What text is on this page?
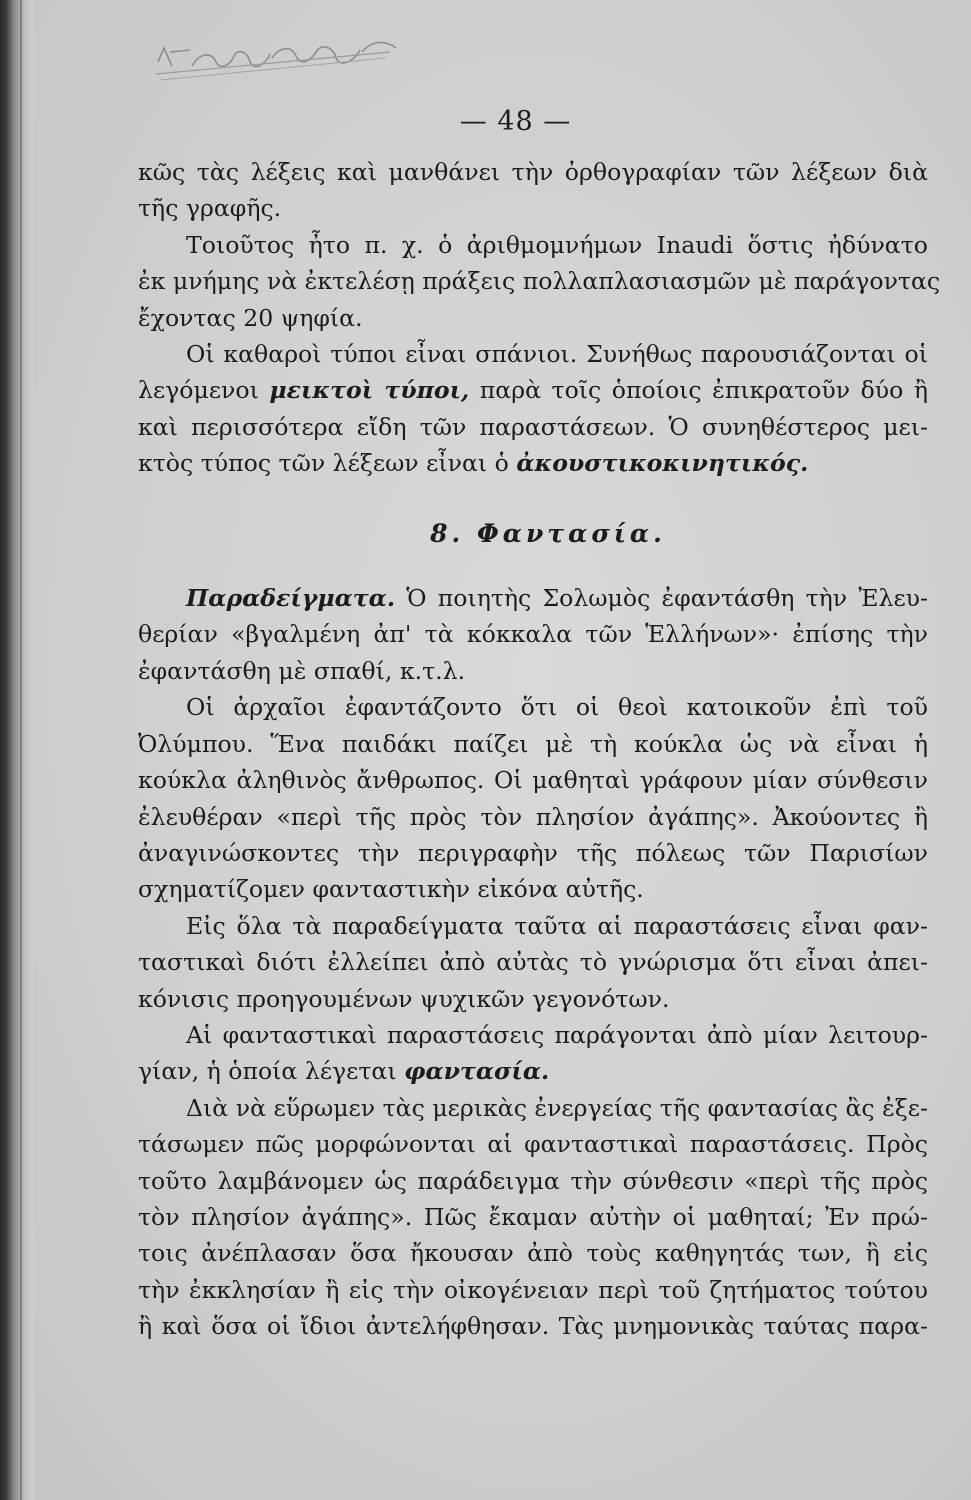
— 48 —

κῶς τὰς λέξεις καὶ μανθάνει τὴν ὀρθογραφίαν τῶν λέξεων διὰ
τῆς γραφῆς.

Τοιοῦτος ἦτο π. χ. ὁ ἀριθμομνήμων Inaudi ὅστις ἠδύνατο
ἐκ μνήμης νὰ ἐκτελέσῃ πράξεις πολλαπλασιασμῶν μὲ παράγοντας
ἔχοντας 20 ψηφία.

Οἱ καθαροὶ τύποι εἶναι σπάνιοι. Συνήθως παρουσιάζονται οἱ
λεγόμενοι μεικτοὶ τύποι, παρὰ τοῖς ὁποίοις ἐπικρατοῦν δύο ἢ
καὶ περισσότερα εἴδη τῶν παραστάσεων. Ὁ συνηθέστερος μει-
κτὸς τύπος τῶν λέξεων εἶναι ὁ ἀκουστικοκινητικός.

8. Φαντασία.

Παραδείγματα. Ὁ ποιητὴς Σολωμὸς ἐφαντάσθη τὴν Ἐλευ-
θερίαν «βγαλμένη ἀπ' τὰ κόκκαλα τῶν Ἑλλήνων»· ἐπίσης τὴν
ἐφαντάσθη μὲ σπαθί, κ.τ.λ.

Οἱ ἀρχαῖοι ἐφαντάζοντο ὅτι οἱ θεοὶ κατοικοῦν ἐπὶ τοῦ
Ὀλύμπου. Ἕνα παιδάκι παίζει μὲ τὴ κούκλα ὡς νὰ εἶναι ἡ
κούκλα ἀληθινὸς ἄνθρωπος. Οἱ μαθηταὶ γράφουν μίαν σύνθεσιν
ἐλευθέραν «περὶ τῆς πρὸς τὸν πλησίον ἀγάπης». Ἀκούοντες ἢ
ἀναγινώσκοντες τὴν περιγραφὴν τῆς πόλεως τῶν Παρισίων
σχηματίζομεν φανταστικὴν εἰκόνα αὐτῆς.

Εἰς ὅλα τὰ παραδείγματα ταῦτα αἱ παραστάσεις εἶναι φαν-
ταστικαὶ διότι ἐλλείπει ἀπὸ αὐτὰς τὸ γνώρισμα ὅτι εἶναι ἀπει-
κόνισις προηγουμένων ψυχικῶν γεγονότων.

Αἱ φανταστικαὶ παραστάσεις παράγονται ἀπὸ μίαν λειτουρ-
γίαν, ἡ ὁποία λέγεται φαντασία.

Διὰ νὰ εὕρωμεν τὰς μερικὰς ἐνεργείας τῆς φαντασίας ἂς ἐξε-
τάσωμεν πῶς μορφώνονται αἱ φανταστικαὶ παραστάσεις. Πρὸς
τοῦτο λαμβάνομεν ὡς παράδειγμα τὴν σύνθεσιν «περὶ τῆς πρὸς
τὸν πλησίον ἀγάπης». Πῶς ἔκαμαν αὐτὴν οἱ μαθηταί; Ἐν πρώ-
τοις ἀνέπλασαν ὅσα ἤκουσαν ἀπὸ τοὺς καθηγητάς των, ἢ εἰς
τὴν ἐκκλησίαν ἢ εἰς τὴν οἰκογένειαν περὶ τοῦ ζητήματος τούτου
ἢ καὶ ὅσα οἱ ἴδιοι ἀντελήφθησαν. Τὰς μνημονικὰς ταύτας παρα-
